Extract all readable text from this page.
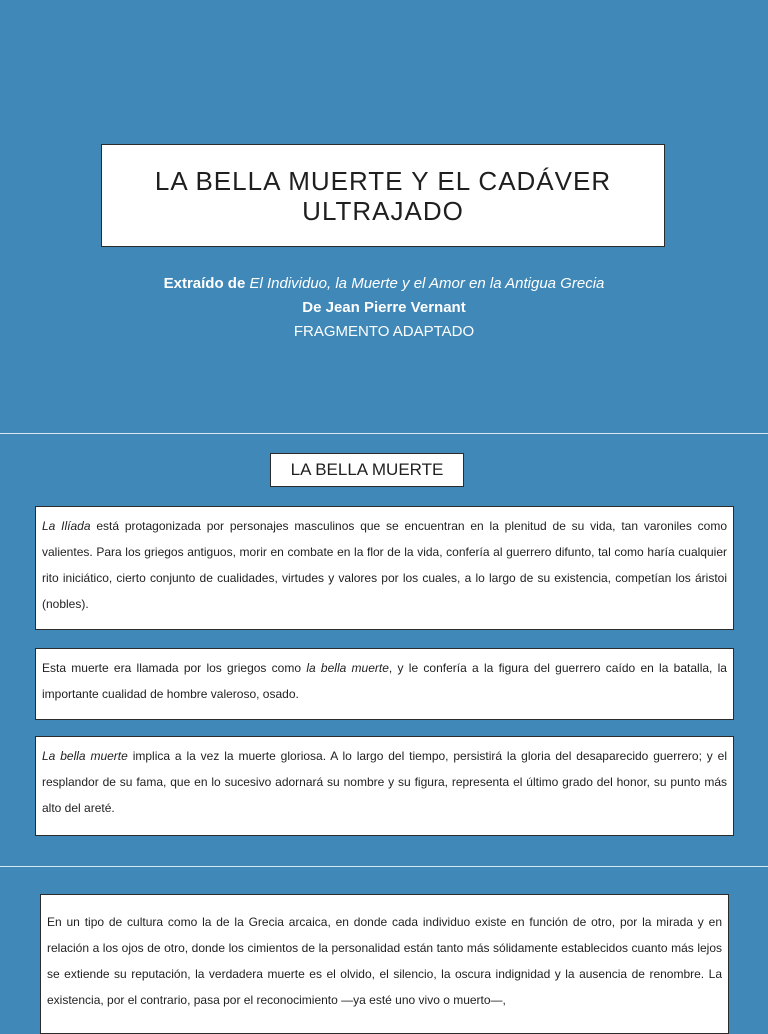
LA BELLA MUERTE Y EL CADÁVER
ULTRAJADO
Extraído de El Individuo, la Muerte y el Amor en la Antigua Grecia
De Jean Pierre Vernant
FRAGMENTO ADAPTADO
LA BELLA MUERTE
La Ilíada está protagonizada por personajes masculinos que se encuentran en la plenitud de su vida, tan varoniles como valientes. Para los griegos antiguos, morir en combate en la flor de la vida, confería al guerrero difunto, tal como haría cualquier rito iniciático, cierto conjunto de cualidades, virtudes y valores por los cuales, a lo largo de su existencia, competían los áristoi (nobles).
Esta muerte era llamada por los griegos como la bella muerte, y le confería a la figura del guerrero caído en la batalla, la importante cualidad de hombre valeroso, osado.
La bella muerte implica a la vez la muerte gloriosa. A lo largo del tiempo, persistirá la gloria del desaparecido guerrero; y el resplandor de su fama, que en lo sucesivo adornará su nombre y su figura, representa el último grado del honor, su punto más alto del areté.
En un tipo de cultura como la de la Grecia arcaica, en donde cada individuo existe en función de otro, por la mirada y en relación a los ojos de otro, donde los cimientos de la personalidad están tanto más sólidamente establecidos cuanto más lejos se extiende su reputación, la verdadera muerte es el olvido, el silencio, la oscura indignidad y la ausencia de renombre. La existencia, por el contrario, pasa por el reconocimiento —ya esté uno vivo o muerto—,
